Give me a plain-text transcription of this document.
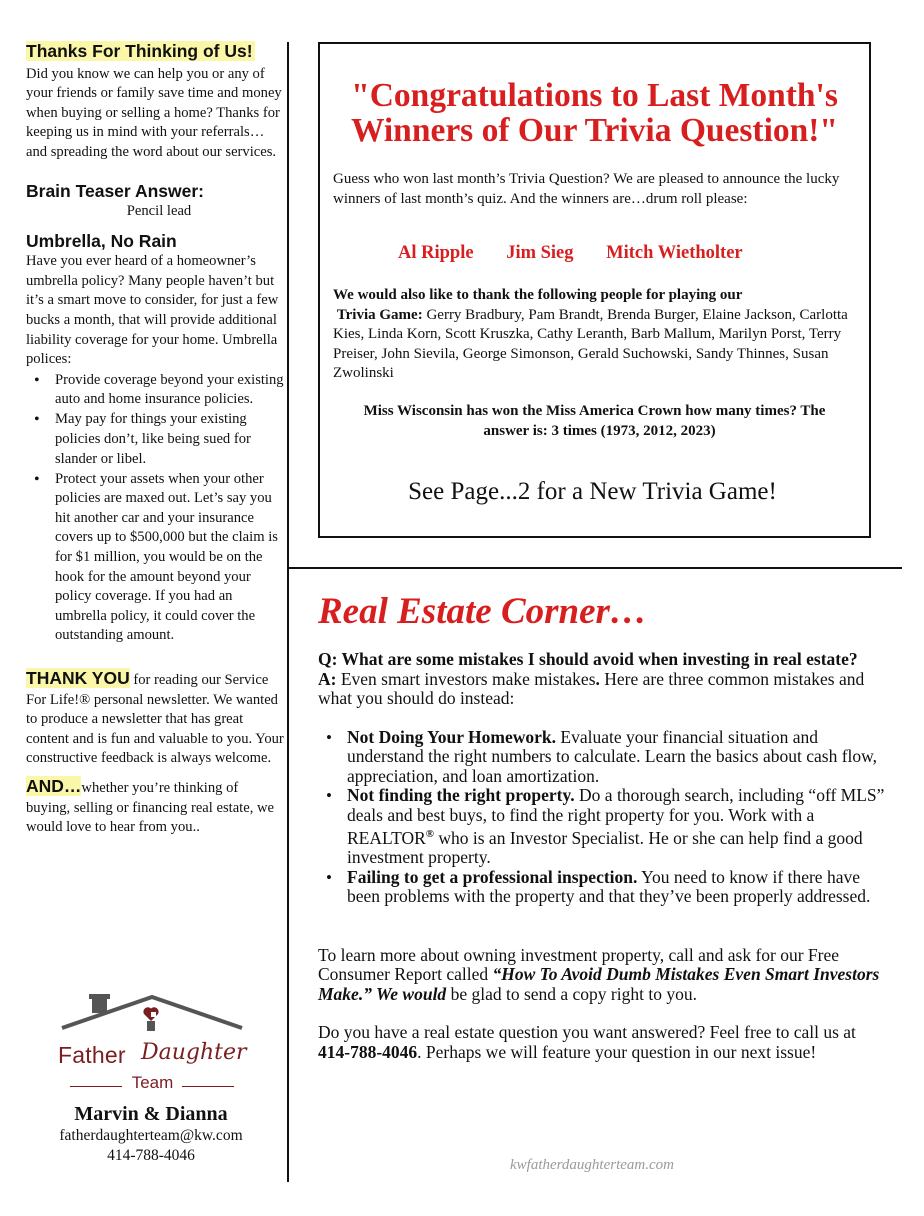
Thanks For Thinking of Us!

Did you know we can help you or any of your friends or family save time and money when buying or selling a home? Thanks for keeping us in mind with your referrals…and spreading the word about our services.

Brain Teaser Answer:

Pencil lead

Umbrella, No Rain

Have you ever heard of a homeowner’s umbrella policy? Many people haven’t but it’s a smart move to consider, for just a few bucks a month, that will provide additional liability coverage for your home. Umbrella polices:

• Provide coverage beyond your existing auto and home insurance policies.
• May pay for things your existing policies don’t, like being sued for slander or libel.
• Protect your assets when your other policies are maxed out. Let’s say you hit another car and your insurance covers up to $500,000 but the claim is for $1 million, you would be on the hook for the amount beyond your policy coverage. If you had an umbrella policy, it could cover the outstanding amount.

THANK YOU for reading our Service For Life!® personal newsletter. We wanted to produce a newsletter that has great content and is fun and valuable to you. Your constructive feedback is always welcome.

AND…whether you’re thinking of buying, selling or financing real estate, we would love to hear from you..

Father Daughter
Team
Marvin & Dianna
fatherdaughterteam@kw.com
414-788-4046
"Congratulations to Last Month's Winners of Our Trivia Question!"

Guess who won last month’s Trivia Question? We are pleased to announce the lucky winners of last month’s quiz. And the winners are…drum roll please:

Al Ripple Jim Sieg Mitch Wietholter

We would also like to thank the following people for playing our
Trivia Game: Gerry Bradbury, Pam Brandt, Brenda Burger, Elaine Jackson, Carlotta Kies, Linda Korn, Scott Kruszka, Cathy Leranth, Barb Mallum, Marilyn Porst, Terry Preiser, John Sievila, George Simonson, Gerald Suchowski, Sandy Thinnes, Susan Zwolinski

Miss Wisconsin has won the Miss America Crown how many times? The
answer is: 3 times (1973, 2012, 2023)
See Page...2 for a New Trivia Game!
Real Estate Corner…

Q: What are some mistakes I should avoid when investing in real estate?

A: Even smart investors make mistakes. Here are three common mistakes and what you should do instead:

• Not Doing Your Homework. Evaluate your financial situation and understand the right numbers to calculate. Learn the basics about cash flow, appreciation, and loan amortization.
• Not finding the right property. Do a thorough search, including “off MLS” deals and best buys, to find the right property for you. Work with a REALTOR® who is an Investor Specialist. He or she can help find a good investment property.
• Failing to get a professional inspection. You need to know if there have been problems with the property and that they’ve been properly addressed.

To learn more about owning investment property, call and ask for our Free Consumer Report called “How To Avoid Dumb Mistakes Even Smart Investors Make.” We would be glad to send a copy right to you.

Do you have a real estate question you want answered? Feel free to call us at 414-788-4046. Perhaps we will feature your question in our next issue!

kwfatherdaughterteam.com
